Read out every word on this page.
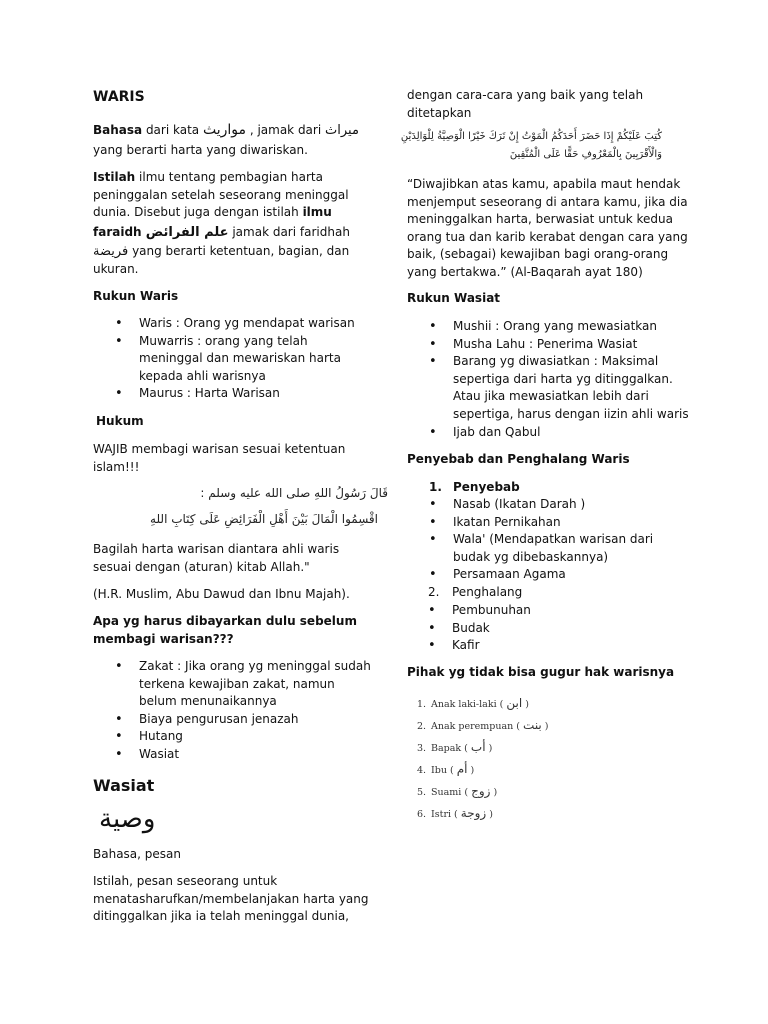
WARIS

Bahasa dari kata مواريث , jamak dari ميراث

yang berarti harta yang diwariskan.

Istilah ilmu tentang pembagian harta

peninggalan setelah seseorang meninggal

dunia. Disebut juga dengan istilah ilmu

faraidh علم الفرائض jamak dari faridhah

فريضة yang berarti ketentuan, bagian, dan

ukuran.

Rukun Waris
• Waris : Orang yg mendapat warisan
• Muwarris : orang yang telah
meninggal dan mewariskan harta
kepada ahli warisnya
• Maurus : Harta Warisan
Hukum

WAJIB membagi warisan sesuai ketentuan

islam!!!

قَالَ رَسُولُ اللهِ صلى الله عليه وسلم :
اقْسِمُوا الْمَالَ بَيْنَ أَهْلِ الْفَرَائِضِ عَلَى كِتَابِ اللهِ

Bagilah harta warisan diantara ahli waris

sesuai dengan (aturan) kitab Allah."

(H.R. Muslim, Abu Dawud dan Ibnu Majah).

Apa yg harus dibayarkan dulu sebelum

membagi warisan???

• Zakat : Jika orang yg meninggal sudah
terkena kewajiban zakat, namun
belum menunaikannya
• Biaya pengurusan jenazah
• Hutang
• Wasiat
Wasiat
وصية

Bahasa, pesan

Istilah, pesan seseorang untuk

menatasharufkan/membelanjakan harta yang

ditinggalkan jika ia telah meninggal dunia,

dengan cara-cara yang baik yang telah

ditetapkan

كُتِبَ عَلَيْكُمْ إِذَا حَضَرَ أَحَدَكُمُ الْمَوْتُ إِنْ تَرَكَ خَيْرًا الْوَصِيَّةُ لِلْوَالِدَيْنِ
وَالْأَقْرَبِينَ بِالْمَعْرُوفِ حَقًّا عَلَى الْمُتَّقِينَ

“Diwajibkan atas kamu, apabila maut hendak

menjemput seseorang di antara kamu, jika dia

meninggalkan harta, berwasiat untuk kedua

orang tua dan karib kerabat dengan cara yang

baik, (sebagai) kewajiban bagi orang-orang

yang bertakwa.” (Al-Baqarah ayat 180)

Rukun Wasiat
• Mushii : Orang yang mewasiatkan
• Musha Lahu : Penerima Wasiat
• Barang yg diwasiatkan : Maksimal
sepertiga dari harta yg ditinggalkan.
Atau jika mewasiatkan lebih dari
sepertiga, harus dengan iizin ahli waris
• Ijab dan Qabul
Penyebab dan Penghalang Waris
1. Penyebab
• Nasab (Ikatan Darah )
• Ikatan Pernikahan
• Wala' (Mendapatkan warisan dari
budak yg dibebaskannya)
• Persamaan Agama
2. Penghalang
• Pembunuhan
• Budak
• Kafir
Pihak yg tidak bisa gugur hak warisnya
1. Anak laki-laki ( ابن )
2. Anak perempuan ( بنت )
3. Bapak ( أب )
4. Ibu ( أم )
5. Suami ( زوج )
6. Istri ( زوجة )
